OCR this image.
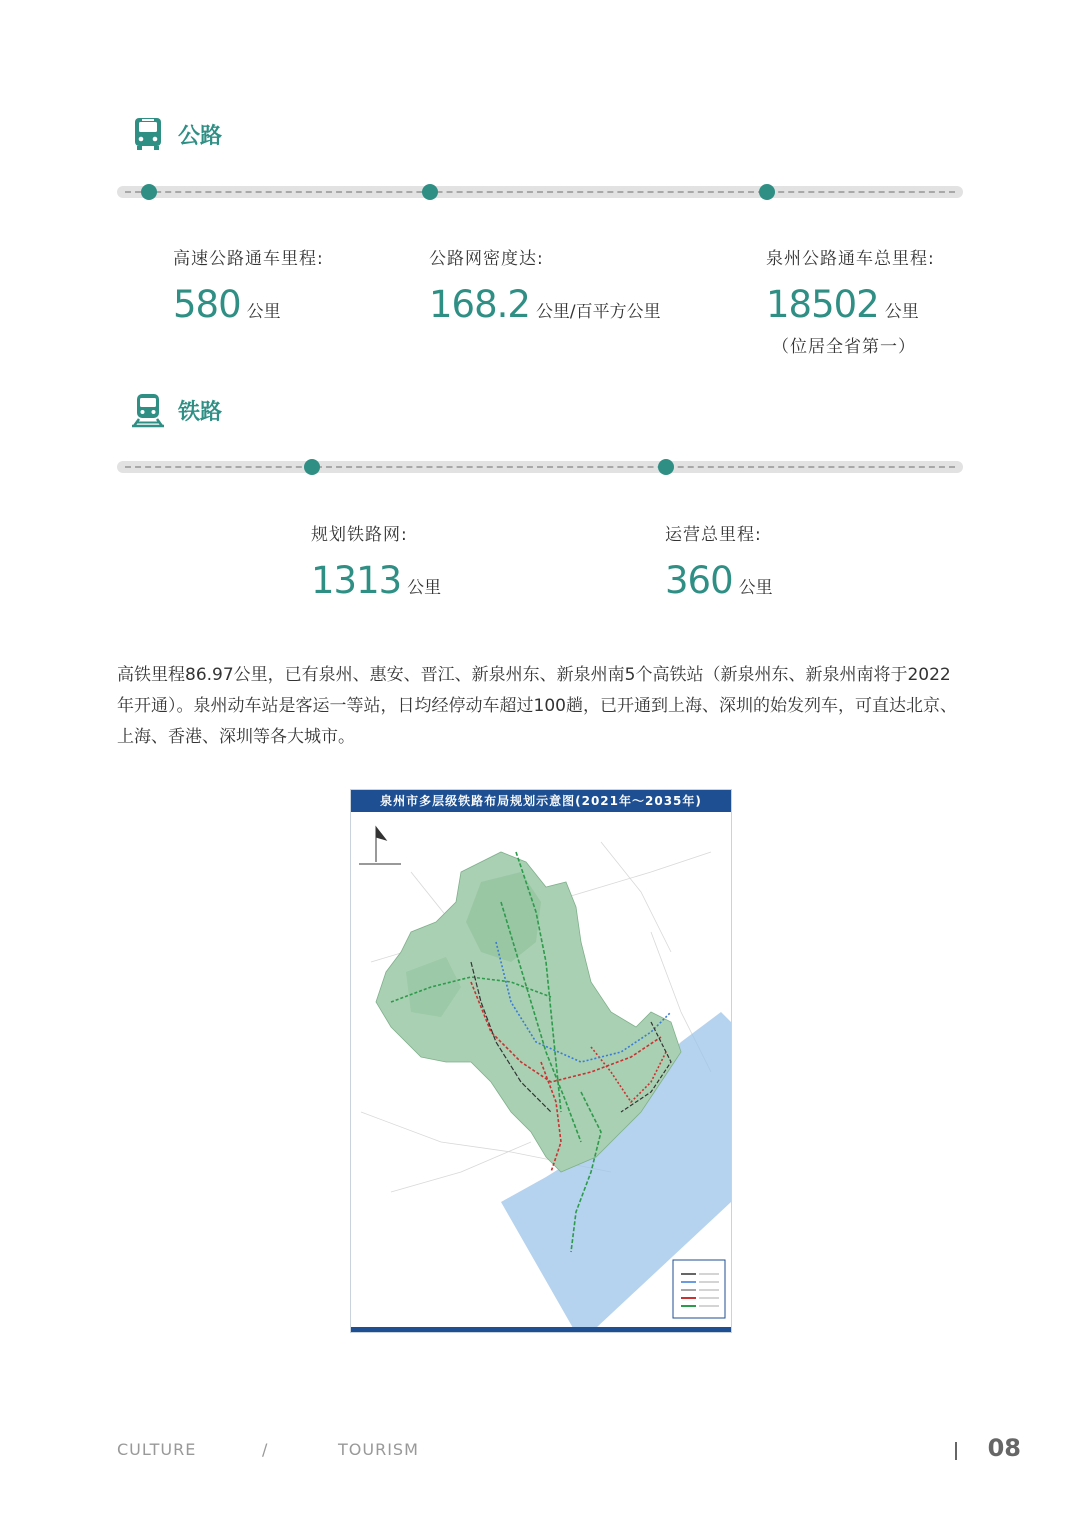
公路
高速公路通车里程:
580 公里
公路网密度达:
168.2 公里/百平方公里
泉州公路通车总里程:
18502 公里
（位居全省第一）
铁路
规划铁路网:
1313 公里
运营总里程:
360 公里
高铁里程86.97公里，已有泉州、惠安、晋江、新泉州东、新泉州南5个高铁站（新泉州东、新泉州南将于2022年开通）。泉州动车站是客运一等站，日均经停动车超过100趟，已开通到上海、深圳的始发列车，可直达北京、上海、香港、深圳等各大城市。
泉州市多层级铁路布局规划示意图(2021年～2035年)
CULTURE	/	TOURISM	08
